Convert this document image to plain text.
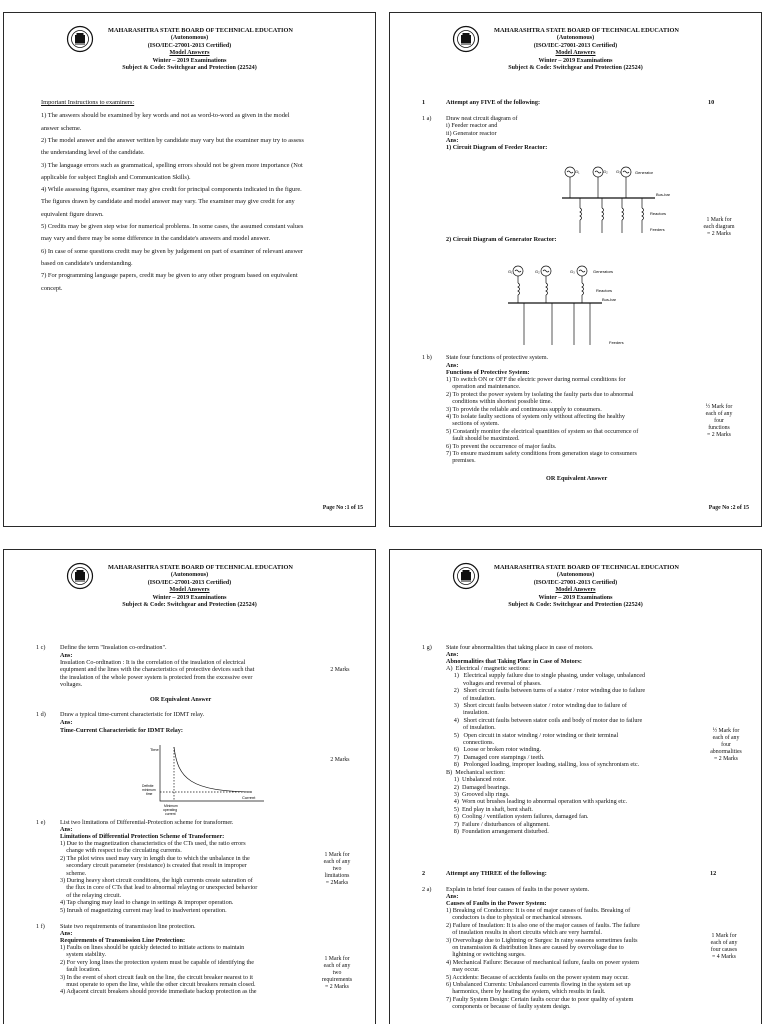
MAHARASHTRA STATE BOARD OF TECHNICAL EDUCATION
(Autonomous)
(ISO/IEC-27001-2013 Certified)
Model Answers
Winter – 2019 Examinations
Subject & Code: Switchgear and Protection (22524)
Important Instructions to examiners:
1) The answers should be examined by key words and not as word-to-word as given in the model
answer scheme.
2) The model answer and the answer written by candidate may vary but the examiner may try to assess
the understanding level of the candidate.
3) The language errors such as grammatical, spelling errors should not be given more importance (Not
applicable for subject English and Communication Skills).
4) While assessing figures, examiner may give credit for principal components indicated in the figure.
The figures drawn by candidate and model answer may vary. The examiner may give credit for any
equivalent figure drawn.
5) Credits may be given step wise for numerical problems. In some cases, the assumed constant values
may vary and there may be some difference in the candidate's answers and model answer.
6) In case of some questions credit may be given by judgement on part of examiner of relevant answer
based on candidate's understanding.
7) For programming language papers, credit may be given to any other program based on equivalent
concept.
Page No :1 of 15
MAHARASHTRA STATE BOARD OF TECHNICAL EDUCATION
(Autonomous)
(ISO/IEC-27001-2013 Certified)
Model Answers
Winter – 2019 Examinations
Subject & Code: Switchgear and Protection (22524)
1	Attempt any FIVE of the following:	10
1 a) Draw neat circuit diagram of
i) Feeder reactor and
ii) Generator reactor
Ans:
1) Circuit Diagram of Feeder Reactor:
Generator
Bus-bar
Reactors
Feeders
G₁	G₂ G₃
1 Mark for
each diagram
= 2 Marks
2) Circuit Diagram of Generator Reactor:
Generators
Reactors
Bus-bar
Feeders
G₁	G₂	G₃
1 b) State four functions of protective system.
Ans:
Functions of Protective System:
1) To switch ON or OFF the electric power during normal conditions for
operation and maintenance.
2) To protect the power system by isolating the faulty parts due to abnormal
conditions within shortest possible time.
3) To provide the reliable and continuous supply to consumers.
4) To isolate faulty sections of system only without affecting the healthy
sections of system.
5) Constantly monitor the electrical quantities of system so that occurrence of
fault should be maximized.
6) To prevent the occurrence of major faults.
7) To ensure maximum safety conditions from generation stage to consumers
premises.
½ Mark for
each of any
four
functions
= 2 Marks
OR Equivalent Answer
Page No :2 of 15
MAHARASHTRA STATE BOARD OF TECHNICAL EDUCATION
(Autonomous)
(ISO/IEC-27001-2013 Certified)
Model Answers
Winter – 2019 Examinations
Subject & Code: Switchgear and Protection (22524)
1 c) Define the term "Insulation co-ordination".
Ans:
Insulation Co-ordination : It is the correlation of the insulation of electrical
equipment and the lines with the characteristics of protective devices such that
the insulation of the whole power system is protected from the excessive over
voltages.
2 Marks
OR Equivalent Answer
1 d) Draw a typical time-current characteristic for IDMT relay.
Ans:
Time-Current Characteristic for IDMT Relay:
2 Marks
Time
Definite
minimum
time
Minimum
operating
current
Current
1 e) List two limitations of Differential-Protection scheme for transformer.
Ans:
Limitations of Differential Protection Scheme of Transformer:
1) Due to the magnetization characteristics of the CTs used, the ratio errors
change with respect to the circulating currents.
2) The pilot wires used may vary in length due to which the unbalance in the
secondary circuit parameter (resistance) is created that result in improper
scheme.
3) During heavy short circuit conditions, the high currents create saturation of
the flux in core of CTs that lead to abnormal relaying or unexpected behavior
of the relaying circuit.
4) Tap changing may lead to change in settings & improper operation.
5) Inrush of magnetizing current may lead to inadvertent operation.
1 Mark for
each of any
two
limitations
= 2Marks
1 f) State two requirements of transmission line protection.
Ans:
Requirements of Transmission Line Protection:
1) Faults on lines should be quickly detected to initiate actions to maintain
system stability.
2) For very long lines the protection system must be capable of identifying the
fault location.
3) In the event of short circuit fault on the line, the circuit breaker nearest to it
must operate to open the line, while the other circuit breakers remain closed.
4) Adjacent circuit breakers should provide immediate backup protection as the
1 Mark for
each of any
two
requirements
= 2 Marks
MAHARASHTRA STATE BOARD OF TECHNICAL EDUCATION
(Autonomous)
(ISO/IEC-27001-2013 Certified)
Model Answers
Winter – 2019 Examinations
Subject & Code: Switchgear and Protection (22524)
1 g) State four abnormalities that taking place in case of motors.
Ans:
Abnormalities that Taking Place in Case of Motors:
A)  Electrical / magnetic sections:
1)   Electrical supply failure due to single phasing, under voltage, unbalanced
voltages and reversal of phases.
2)   Short circuit faults between turns of a stator / rotor winding due to failure
of insulation.
3)   Short circuit faults between stator / rotor winding due to failure of
insulation.
4)   Short circuit faults between stator coils and body of motor due to failure
of insulation.
5)   Open circuit in stator winding / rotor winding or their terminal
connections.
6)   Loose or broken rotor winding.
7)   Damaged core stampings / teeth.
8)   Prolonged loading, improper loading, stalling, loss of synchronism etc.
B)  Mechanical section:
1)  Unbalanced rotor.
2)  Damaged bearings.
3)  Grooved slip rings.
4)  Worn out brushes leading to abnormal operation with sparking etc.
5)  End play in shaft, bent shaft.
6)  Cooling / ventilation system failures, damaged fan.
7)  Failure / disturbances of alignment.
8)  Foundation arrangement disturbed.
½ Mark for
each of any
four
abnormalities
= 2 Marks
2	Attempt any THREE of the following:	12
2 a) Explain in brief four causes of faults in the power system.
Ans:
Causes of Faults in the Power System:
1) Breaking of Conductors: It is one of major causes of faults. Breaking of
conductors is due to physical or mechanical stresses.
2) Failure of Insulation: It is also one of the major causes of faults. The failure
of insulation results in short circuits which are very harmful.
3) Overvoltage due to Lightning or Surges: In rainy seasons sometimes faults
on transmission & distribution lines are caused by overvoltage due to
lightning or switching surges.
4) Mechanical Failure: Because of mechanical failure, faults on power system
may occur.
5) Accidents: Because of accidents faults on the power system may occur.
6) Unbalanced Currents: Unbalanced currents flowing in the system set up
harmonics, there by heating the system, which results in fault.
7) Faulty System Design: Certain faults occur due to poor quality of system
components or because of faulty system design.
1 Mark for
each of any
four causes
= 4 Marks
